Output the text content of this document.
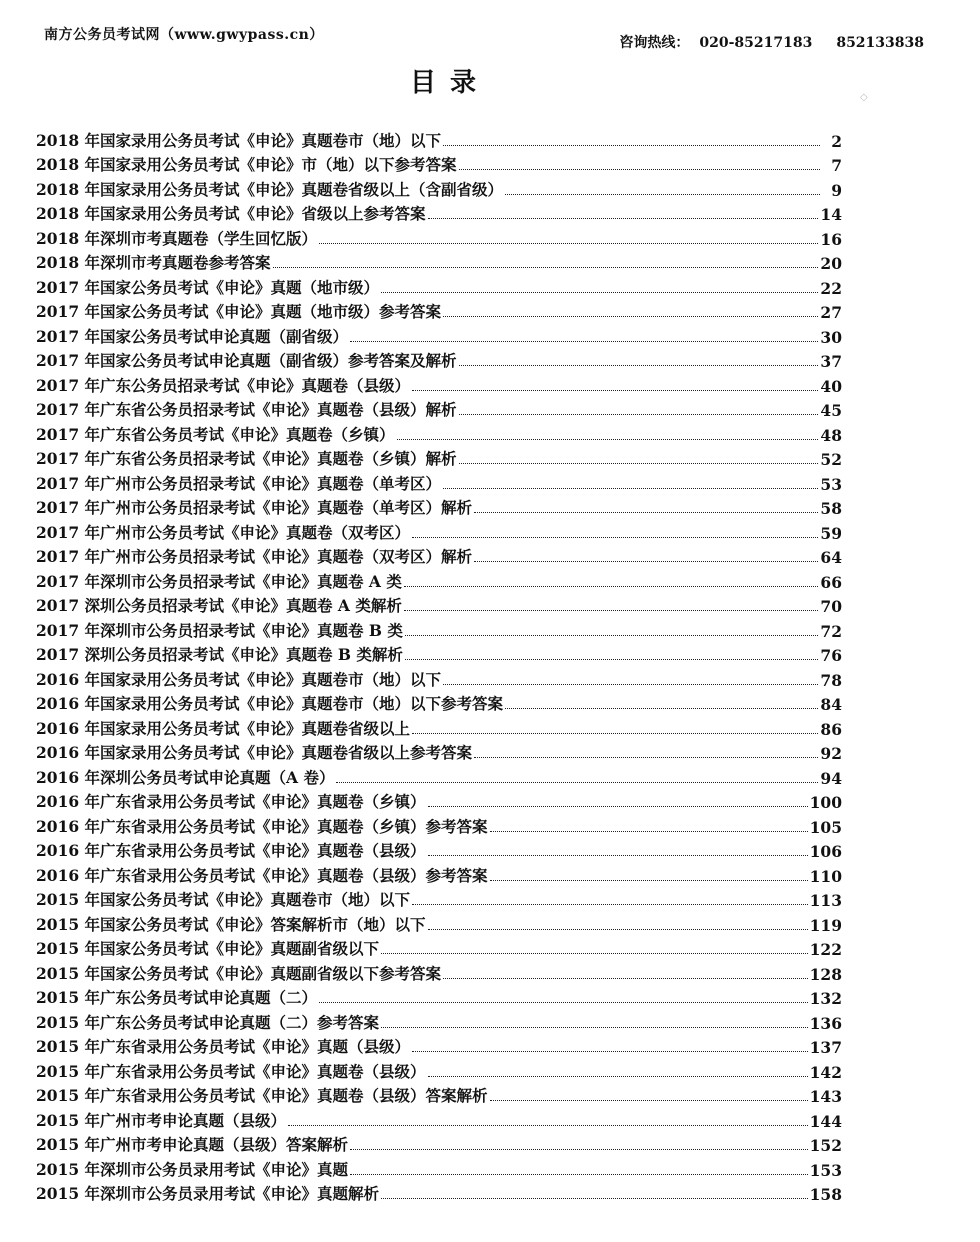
南方公务员考试网（www.gwypass.cn）	咨询热线： 020-85217183 852133838
◇
目录
2018 年国家录用公务员考试《申论》真题卷市（地）以下	2
2018 年国家录用公务员考试《申论》市（地）以下参考答案	7
2018 年国家录用公务员考试《申论》真题卷省级以上（含副省级）	9
2018 年国家录用公务员考试《申论》省级以上参考答案	14
2018 年深圳市考真题卷（学生回忆版）	16
2018 年深圳市考真题卷参考答案	20
2017 年国家公务员考试《申论》真题（地市级）	22
2017 年国家公务员考试《申论》真题（地市级）参考答案	27
2017 年国家公务员考试申论真题（副省级）	30
2017 年国家公务员考试申论真题（副省级）参考答案及解析	37
2017 年广东公务员招录考试《申论》真题卷（县级）	40
2017 年广东省公务员招录考试《申论》真题卷（县级）解析	45
2017 年广东省公务员考试《申论》真题卷（乡镇）	48
2017 年广东省公务员招录考试《申论》真题卷（乡镇）解析	52
2017 年广州市公务员招录考试《申论》真题卷（单考区）	53
2017 年广州市公务员招录考试《申论》真题卷（单考区）解析	58
2017 年广州市公务员考试《申论》真题卷（双考区）	59
2017 年广州市公务员招录考试《申论》真题卷（双考区）解析	64
2017 年深圳市公务员招录考试《申论》真题卷 A 类	66
2017 深圳公务员招录考试《申论》真题卷 A 类解析	70
2017 年深圳市公务员招录考试《申论》真题卷 B 类	72
2017 深圳公务员招录考试《申论》真题卷 B 类解析	76
2016 年国家录用公务员考试《申论》真题卷市（地）以下	78
2016 年国家录用公务员考试《申论》真题卷市（地）以下参考答案	84
2016 年国家录用公务员考试《申论》真题卷省级以上	86
2016 年国家录用公务员考试《申论》真题卷省级以上参考答案	92
2016 年深圳公务员考试申论真题（A 卷）	94
2016 年广东省录用公务员考试《申论》真题卷（乡镇）	100
2016 年广东省录用公务员考试《申论》真题卷（乡镇）参考答案	105
2016 年广东省录用公务员考试《申论》真题卷（县级）	106
2016 年广东省录用公务员考试《申论》真题卷（县级）参考答案	110
2015 年国家公务员考试《申论》真题卷市（地）以下	113
2015 年国家公务员考试《申论》答案解析市（地）以下	119
2015 年国家公务员考试《申论》真题副省级以下	122
2015 年国家公务员考试《申论》真题副省级以下参考答案	128
2015 年广东公务员考试申论真题（二）	132
2015 年广东公务员考试申论真题（二）参考答案	136
2015 年广东省录用公务员考试《申论》真题（县级）	137
2015 年广东省录用公务员考试《申论》真题卷（县级）	142
2015 年广东省录用公务员考试《申论》真题卷（县级）答案解析	143
2015 年广州市考申论真题（县级）	144
2015 年广州市考申论真题（县级）答案解析	152
2015 年深圳市公务员录用考试《申论》真题	153
2015 年深圳市公务员录用考试《申论》真题解析	158
